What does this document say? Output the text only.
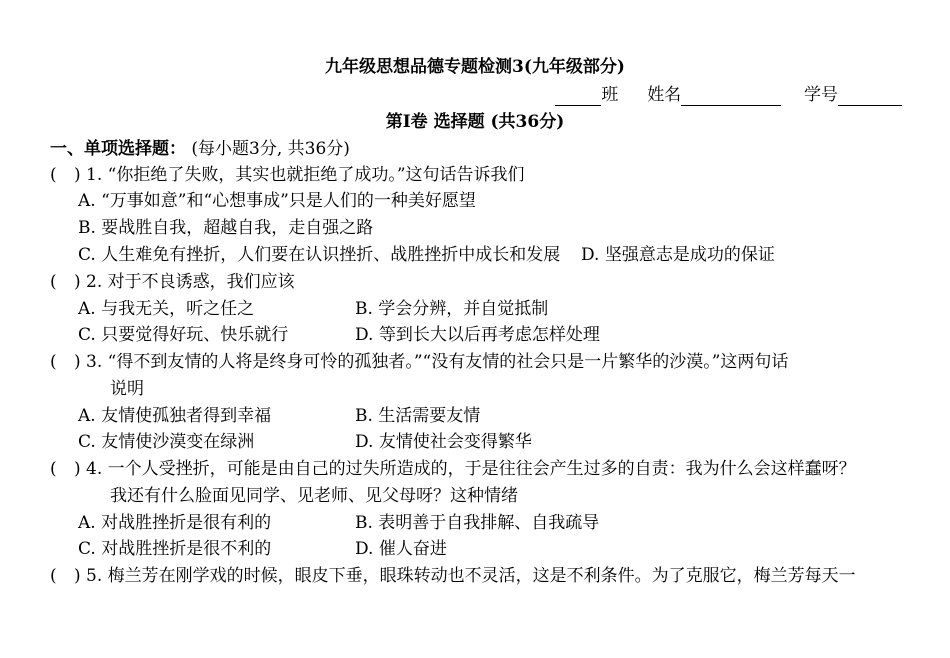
九年级思想品德专题检测3(九年级部分)
班 姓名	学号
第Ⅰ卷 选择题 (共36分)
一、单项选择题： (每小题3分, 共36分)
( ) 1. “你拒绝了失败，其实也就拒绝了成功。”这句话告诉我们
A. “万事如意”和“心想事成”只是人们的一种美好愿望
B. 要战胜自我，超越自我，走自强之路
C. 人生难免有挫折，人们要在认识挫折、战胜挫折中成长和发展 D. 坚强意志是成功的保证
( ) 2. 对于不良诱惑，我们应该
A. 与我无关，听之任之	B. 学会分辨，并自觉抵制
C. 只要觉得好玩、快乐就行	D. 等到长大以后再考虑怎样处理
( ) 3. “得不到友情的人将是终身可怜的孤独者。”“没有友情的社会只是一片繁华的沙漠。”这两句话
说明
A. 友情使孤独者得到幸福	B. 生活需要友情
C. 友情使沙漠变在绿洲	D. 友情使社会变得繁华
( ) 4. 一个人受挫折，可能是由自己的过失所造成的，于是往往会产生过多的自责：我为什么会这样蠢呀？
我还有什么脸面见同学、见老师、见父母呀？这种情绪
A. 对战胜挫折是很有利的	B. 表明善于自我排解、自我疏导
C. 对战胜挫折是很不利的	D. 催人奋进
( ) 5. 梅兰芳在刚学戏的时候，眼皮下垂，眼珠转动也不灵活，这是不利条件。为了克服它，梅兰芳每天一
